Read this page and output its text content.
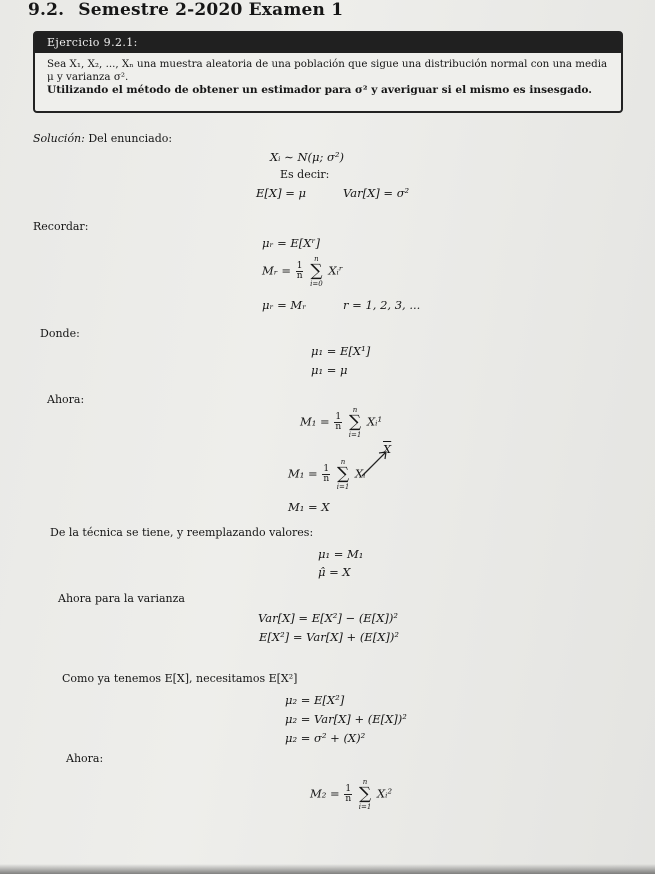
9.2. Semestre 2-2020 Examen 1
Ejercicio 9.2.1:
Sea X₁, X₂, ..., Xₙ una muestra aleatoria de una población que sigue una distribución normal con una media
μ y varianza σ².
Utilizando el método de obtener un estimador para σ² y averiguar si el mismo es insesgado.
Solución: Del enunciado:
Xᵢ ∼ N(μ; σ²)
Es decir:
E[X] = μ	Var[X] = σ²
Recordar:
μᵣ = E[Xʳ]
Mᵣ = $\frac{1}{n}$

n
∑
i=0
Xᵢʳ
μᵣ = Mᵣ	r = 1, 2, 3, ...
Donde:
μ₁ = E[X¹]
μ₁ = μ
Ahora:
$M_1 = \frac{1}{n}$

n
∑
i=1
Xᵢ¹
$\overline{X}$
$M_1 = \frac{1}{n}$

n
∑
i=1
Xᵢ
M₁ = X
De la técnica se tiene, y reemplazando valores:
μ₁ = M₁
μ̂ = X
Ahora para la varianza
Var[X] = E[X²] − (E[X])²
E[X²] = Var[X] + (E[X])²
Como ya tenemos E[X], necesitamos E[X²]
μ₂ = E[X²]
μ₂ = Var[X] + (E[X])²
μ₂ = σ² + (X)²
Ahora:
$M_2 = \frac{1}{n}$

n
∑
i=1
Xᵢ²
